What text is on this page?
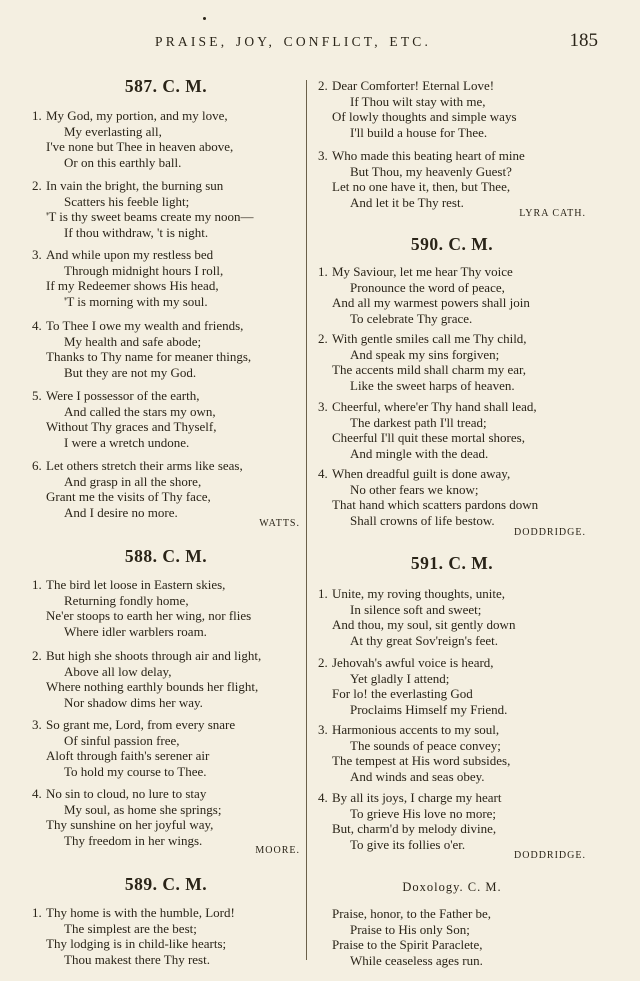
PRAISE, JOY, CONFLICT, ETC.	185
587. C. M.
1. My God, my portion, and my love,
My everlasting all,
I've none but Thee in heaven above,
Or on this earthly ball.
2. In vain the bright, the burning sun
Scatters his feeble light;
'T is thy sweet beams create my noon—
If thou withdraw, 't is night.
3. And while upon my restless bed
Through midnight hours I roll,
If my Redeemer shows His head,
'T is morning with my soul.
4. To Thee I owe my wealth and friends,
My health and safe abode;
Thanks to Thy name for meaner things,
But they are not my God.
5. Were I possessor of the earth,
And called the stars my own,
Without Thy graces and Thyself,
I were a wretch undone.
6. Let others stretch their arms like seas,
And grasp in all the shore,
Grant me the visits of Thy face,
And I desire no more.
WATTS.
588. C. M.
1. The bird let loose in Eastern skies,
Returning fondly home,
Ne'er stoops to earth her wing, nor flies
Where idler warblers roam.
2. But high she shoots through air and light,
Above all low delay,
Where nothing earthly bounds her flight,
Nor shadow dims her way.
3. So grant me, Lord, from every snare
Of sinful passion free,
Aloft through faith's serener air
To hold my course to Thee.
4. No sin to cloud, no lure to stay
My soul, as home she springs;
Thy sunshine on her joyful way,
Thy freedom in her wings.
MOORE.
589. C. M.
1. Thy home is with the humble, Lord!
The simplest are the best;
Thy lodging is in child-like hearts;
Thou makest there Thy rest.
2. Dear Comforter! Eternal Love!
If Thou wilt stay with me,
Of lowly thoughts and simple ways
I'll build a house for Thee.
3. Who made this beating heart of mine
But Thou, my heavenly Guest?
Let no one have it, then, but Thee,
And let it be Thy rest.
LYRA CATH.
590. C. M.
1. My Saviour, let me hear Thy voice
Pronounce the word of peace,
And all my warmest powers shall join
To celebrate Thy grace.
2. With gentle smiles call me Thy child,
And speak my sins forgiven;
The accents mild shall charm my ear,
Like the sweet harps of heaven.
3. Cheerful, where'er Thy hand shall lead,
The darkest path I'll tread;
Cheerful I'll quit these mortal shores,
And mingle with the dead.
4. When dreadful guilt is done away,
No other fears we know;
That hand which scatters pardons down
Shall crowns of life bestow.
DODDRIDGE.
591. C. M.
1. Unite, my roving thoughts, unite,
In silence soft and sweet;
And thou, my soul, sit gently down
At thy great Sov'reign's feet.
2. Jehovah's awful voice is heard,
Yet gladly I attend;
For lo! the everlasting God
Proclaims Himself my Friend.
3. Harmonious accents to my soul,
The sounds of peace convey;
The tempest at His word subsides,
And winds and seas obey.
4. By all its joys, I charge my heart
To grieve His love no more;
But, charm'd by melody divine,
To give its follies o'er.
DODDRIDGE.
Doxology. C. M.
Praise, honor, to the Father be,
Praise to His only Son;
Praise to the Spirit Paraclete,
While ceaseless ages run.
